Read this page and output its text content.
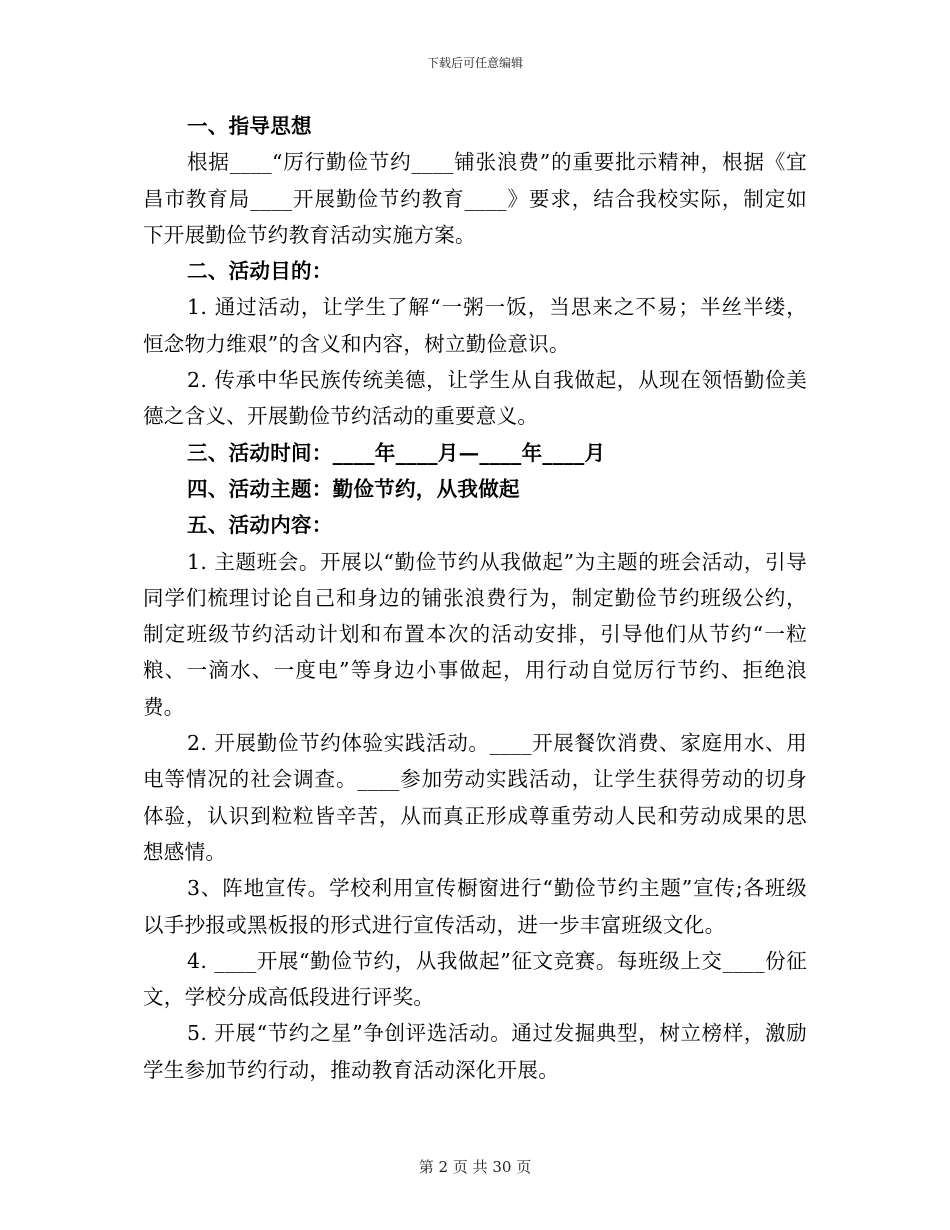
下载后可任意编辑

一、指导思想

根据____“厉行勤俭节约____铺张浪费”的重要批示精神，根据《宜昌市教育局____开展勤俭节约教育____》要求，结合我校实际，制定如下开展勤俭节约教育活动实施方案。

二、活动目的：

1. 通过活动，让学生了解“一粥一饭，当思来之不易；半丝半缕，恒念物力维艰”的含义和内容，树立勤俭意识。

2. 传承中华民族传统美德，让学生从自我做起，从现在领悟勤俭美德之含义、开展勤俭节约活动的重要意义。

三、活动时间：____年____月—____年____月

四、活动主题：勤俭节约，从我做起

五、活动内容：

1. 主题班会。开展以“勤俭节约从我做起”为主题的班会活动，引导同学们梳理讨论自己和身边的铺张浪费行为，制定勤俭节约班级公约，制定班级节约活动计划和布置本次的活动安排，引导他们从节约“一粒粮、一滴水、一度电”等身边小事做起，用行动自觉厉行节约、拒绝浪费。

2. 开展勤俭节约体验实践活动。____开展餐饮消费、家庭用水、用电等情况的社会调查。____参加劳动实践活动，让学生获得劳动的切身体验，认识到粒粒皆辛苦，从而真正形成尊重劳动人民和劳动成果的思想感情。

3、阵地宣传。学校利用宣传橱窗进行“勤俭节约主题”宣传;各班级以手抄报或黑板报的形式进行宣传活动，进一步丰富班级文化。

4. ____开展“勤俭节约，从我做起”征文竞赛。每班级上交____份征文，学校分成高低段进行评奖。

5. 开展“节约之星”争创评选活动。通过发掘典型，树立榜样，激励学生参加节约行动，推动教育活动深化开展。

第 2 页 共 30 页
